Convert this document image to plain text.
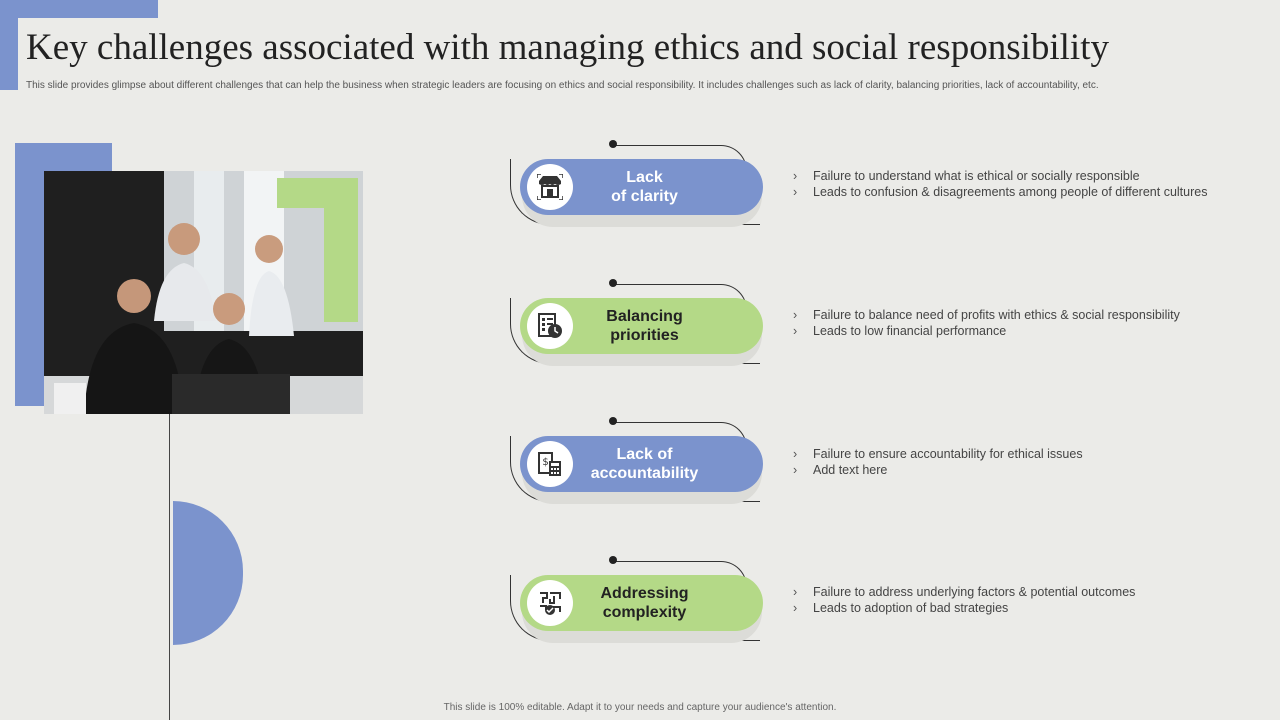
Key challenges associated with managing ethics and social responsibility
This slide provides glimpse about different challenges that can help the business when strategic leaders are focusing on ethics and social responsibility. It includes challenges such as lack of clarity, balancing priorities, lack of accountability, etc.
Lack
of clarity
› Failure to understand what is ethical or socially responsible
› Leads to confusion & disagreements among people of different cultures
Balancing
priorities
› Failure to balance need of profits with ethics & social responsibility
› Leads to low financial performance
$	Lack of
accountability
› Failure to ensure accountability for ethical issues
› Add text here
Addressing
complexity
› Failure to address underlying factors & potential outcomes
› Leads to adoption of bad strategies
This slide is 100% editable. Adapt it to your needs and capture your audience's attention.
